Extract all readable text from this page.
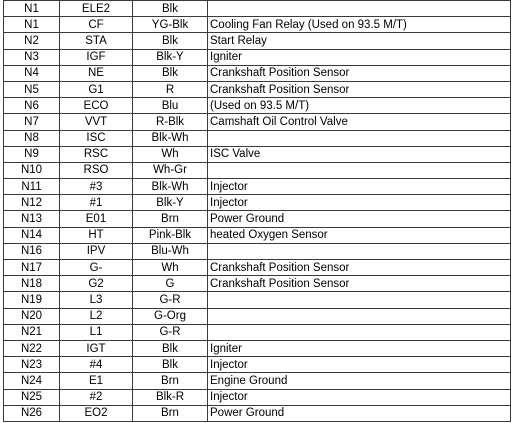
N1	ELE2	Blk	
N1	CF	YG-Blk	Cooling Fan Relay (Used on 93.5 M/T)
N2	STA	Blk	Start Relay
N3	IGF	Blk-Y	Igniter
N4	NE	Blk	Crankshaft Position Sensor
N5	G1	R	Crankshaft Position Sensor
N6	ECO	Blu	(Used on 93.5 M/T)
N7	VVT	R-Blk	Camshaft Oil Control Valve
N8	ISC	Blk-Wh	
N9	RSC	Wh	ISC Valve
N10	RSO	Wh-Gr	
N11	#3	Blk-Wh	Injector
N12	#1	Blk-Y	Injector
N13	E01	Brn	Power Ground
N14	HT	Pink-Blk	heated Oxygen Sensor
N16	IPV	Blu-Wh	
N17	G-	Wh	Crankshaft Position Sensor
N18	G2	G	Crankshaft Position Sensor
N19	L3	G-R	
N20	L2	G-Org	
N21	L1	G-R	
N22	IGT	Blk	Igniter
N23	#4	Blk	Injector
N24	E1	Brn	Engine Ground
N25	#2	Blk-R	Injector
N26	EO2	Brn	Power Ground
